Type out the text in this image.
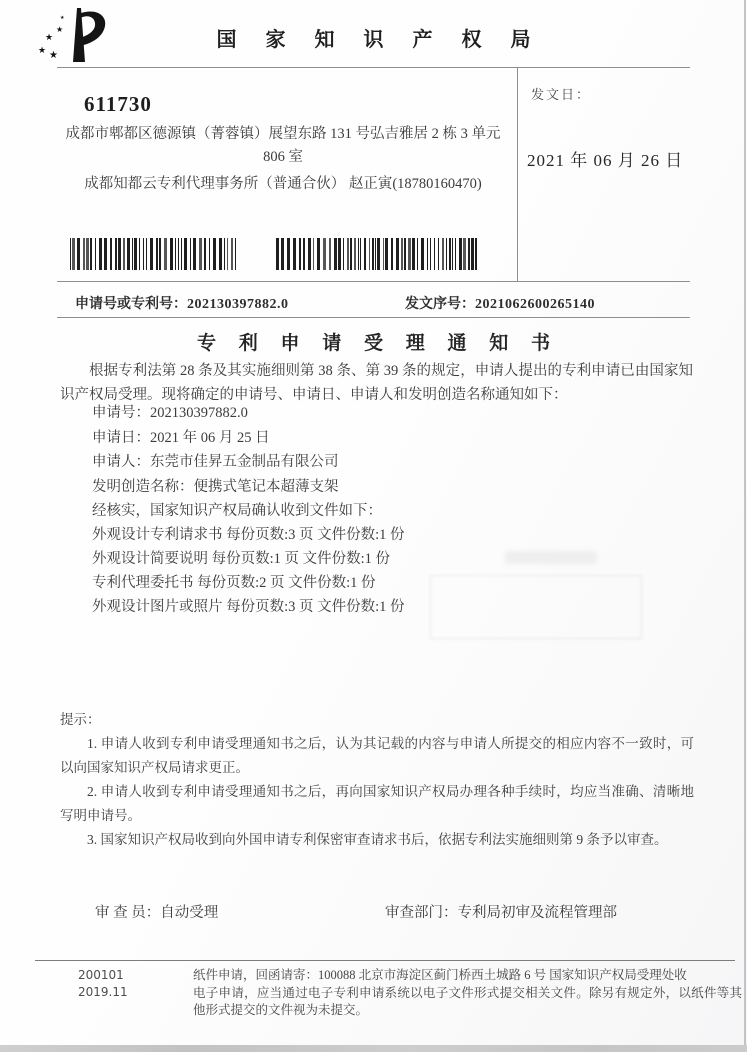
★
★
★
★ ★
国 家 知 识 产 权 局
发文日：
2021 年 06 月 26 日
611730
成都市郫都区德源镇（菁蓉镇）展望东路 131 号弘吉雅居 2 栋 3 单元
806 室
成都知都云专利代理事务所（普通合伙） 赵正寅(18780160470)
申请号或专利号：202130397882.0	发文序号：2021062600265140
专 利 申 请 受 理 通 知 书
根据专利法第 28 条及其实施细则第 38 条、第 39 条的规定，申请人提出的专利申请已由国家知识产权局受理。现将确定的申请号、申请日、申请人和发明创造名称通知如下：
申请号：202130397882.0
申请日：2021 年 06 月 25 日
申请人：东莞市佳昇五金制品有限公司
发明创造名称：便携式笔记本超薄支架
经核实，国家知识产权局确认收到文件如下：
外观设计专利请求书 每份页数:3 页 文件份数:1 份
外观设计简要说明 每份页数:1 页 文件份数:1 份
专利代理委托书 每份页数:2 页 文件份数:1 份
外观设计图片或照片 每份页数:3 页 文件份数:1 份

提示：

1. 申请人收到专利申请受理通知书之后，认为其记载的内容与申请人所提交的相应内容不一致时，可以向国家知识产权局请求更正。

2. 申请人收到专利申请受理通知书之后，再向国家知识产权局办理各种手续时，均应当准确、清晰地写明申请号。

3. 国家知识产权局收到向外国申请专利保密审查请求书后，依据专利法实施细则第 9 条予以审查。

审 查 员：自动受理	审查部门：专利局初审及流程管理部
200101
2019.11

纸件申请，回函请寄：100088 北京市海淀区蓟门桥西土城路 6 号 国家知识产权局受理处收

电子申请，应当通过电子专利申请系统以电子文件形式提交相关文件。除另有规定外，以纸件等其他形式提交的文件视为未提交。
